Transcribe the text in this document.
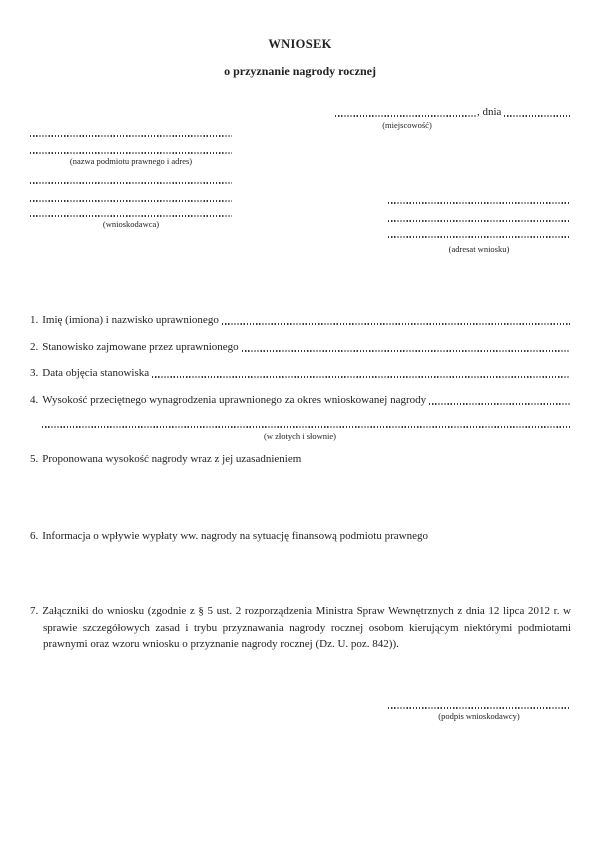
WNIOSEK
o przyznanie nagrody rocznej
, dnia
(miejscowość)
(nazwa podmiotu prawnego i adres)
(wnioskodawca)
(adresat wniosku)
1. Imię (imiona) i nazwisko uprawnionego
2. Stanowisko zajmowane przez uprawnionego
3. Data objęcia stanowiska
4. Wysokość przeciętnego wynagrodzenia uprawnionego za okres wnioskowanej nagrody
(w złotych i słownie)
5. Proponowana wysokość nagrody wraz z jej uzasadnieniem
6. Informacja o wpływie wypłaty ww. nagrody na sytuację finansową podmiotu prawnego

7. Załączniki do wniosku (zgodnie z § 5 ust. 2 rozporządzenia Ministra Spraw Wewnętrznych z dnia 12 lipca 2012 r. w sprawie szczegółowych zasad i trybu przyznawania nagrody rocznej osobom kierującym niektórymi podmiotami prawnymi oraz wzoru wniosku o przyznanie nagrody rocznej (Dz. U. poz. 842)).

(podpis wnioskodawcy)
